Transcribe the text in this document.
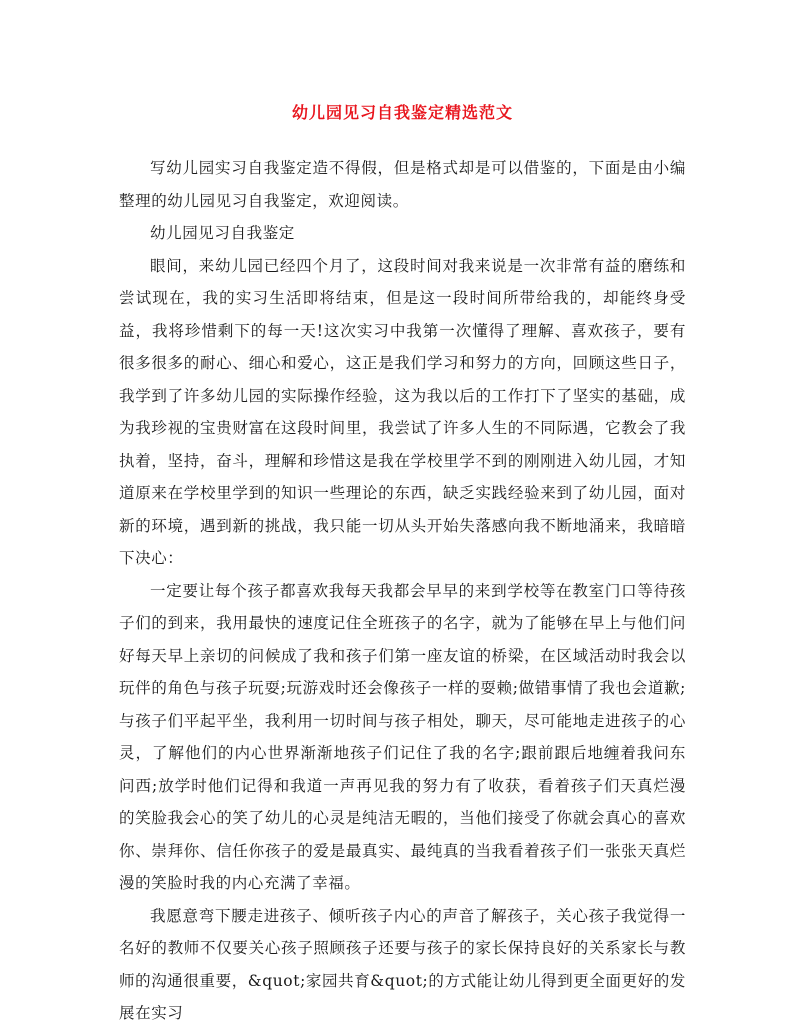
幼儿园见习自我鉴定精选范文

写幼儿园实习自我鉴定造不得假，但是格式却是可以借鉴的，下面是由小编整理的幼儿园见习自我鉴定，欢迎阅读。

幼儿园见习自我鉴定

眼间，来幼儿园已经四个月了，这段时间对我来说是一次非常有益的磨练和尝试现在，我的实习生活即将结束，但是这一段时间所带给我的，却能终身受益，我将珍惜剩下的每一天!这次实习中我第一次懂得了理解、喜欢孩子，要有很多很多的耐心、细心和爱心，这正是我们学习和努力的方向，回顾这些日子，我学到了许多幼儿园的实际操作经验，这为我以后的工作打下了坚实的基础，成为我珍视的宝贵财富在这段时间里，我尝试了许多人生的不同际遇，它教会了我执着，坚持，奋斗，理解和珍惜这是我在学校里学不到的刚刚进入幼儿园，才知道原来在学校里学到的知识一些理论的东西，缺乏实践经验来到了幼儿园，面对新的环境，遇到新的挑战，我只能一切从头开始失落感向我不断地涌来，我暗暗下决心：

一定要让每个孩子都喜欢我每天我都会早早的来到学校等在教室门口等待孩子们的到来，我用最快的速度记住全班孩子的名字，就为了能够在早上与他们问好每天早上亲切的问候成了我和孩子们第一座友谊的桥梁，在区域活动时我会以玩伴的角色与孩子玩耍;玩游戏时还会像孩子一样的耍赖;做错事情了我也会道歉;与孩子们平起平坐，我利用一切时间与孩子相处，聊天，尽可能地走进孩子的心灵，了解他们的内心世界渐渐地孩子们记住了我的名字;跟前跟后地缠着我问东问西;放学时他们记得和我道一声再见我的努力有了收获，看着孩子们天真烂漫的笑脸我会心的笑了幼儿的心灵是纯洁无暇的，当他们接受了你就会真心的喜欢你、崇拜你、信任你孩子的爱是最真实、最纯真的当我看着孩子们一张张天真烂漫的笑脸时我的内心充满了幸福。

我愿意弯下腰走进孩子、倾听孩子内心的声音了解孩子，关心孩子我觉得一名好的教师不仅要关心孩子照顾孩子还要与孩子的家长保持良好的关系家长与教师的沟通很重要，&quot;家园共育&quot;的方式能让幼儿得到更全面更好的发展在实习
